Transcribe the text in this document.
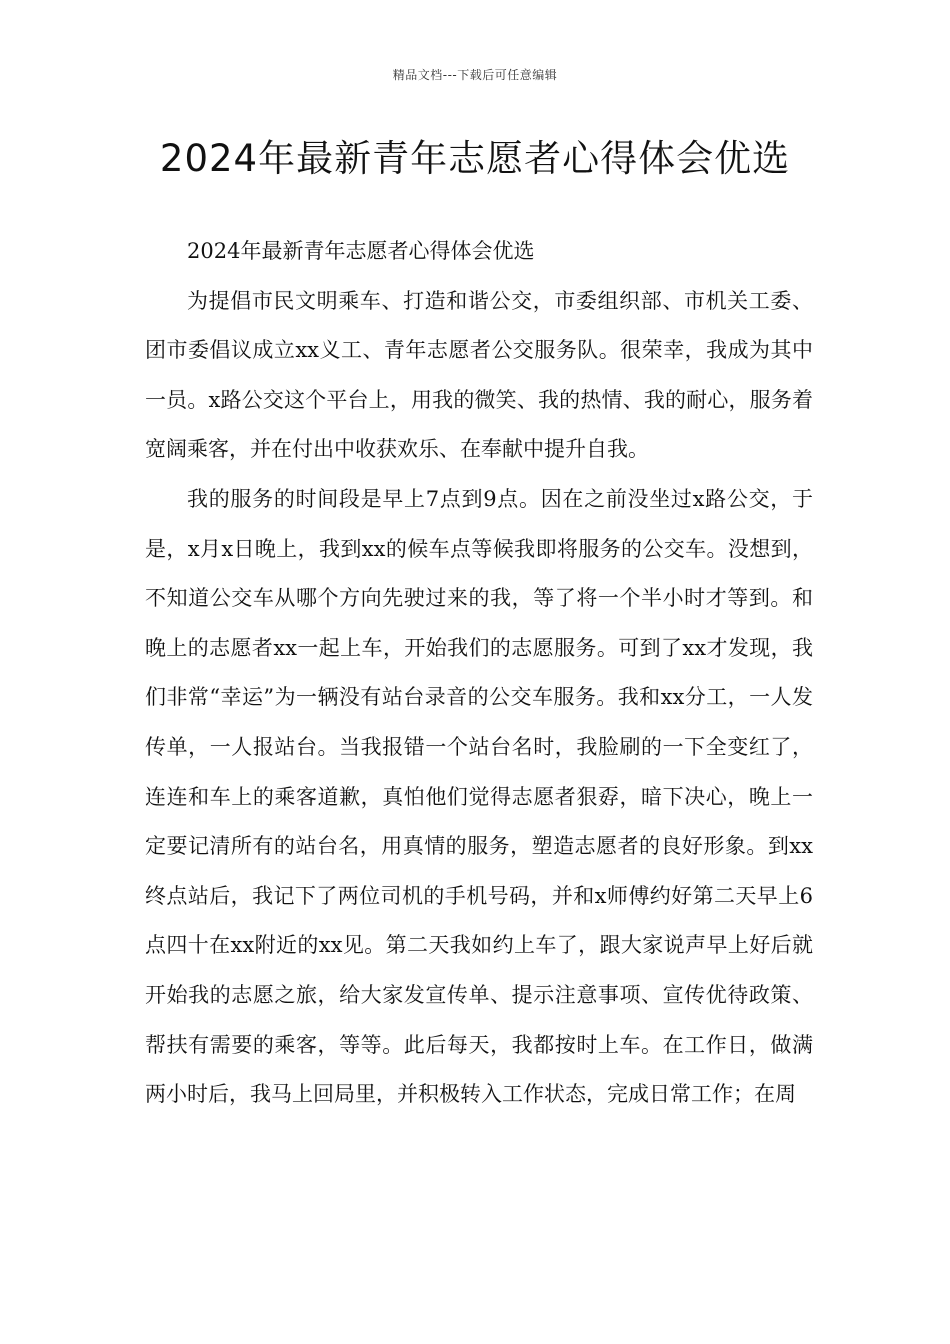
精品文档---下载后可任意编辑
2024年最新青年志愿者心得体会优选

2024年最新青年志愿者心得体会优选

为提倡市民文明乘车、打造和谐公交，市委组织部、市机关工委、团市委倡议成立xx义工、青年志愿者公交服务队。很荣幸，我成为其中一员。x路公交这个平台上，用我的微笑、我的热情、我的耐心，服务着宽阔乘客，并在付出中收获欢乐、在奉献中提升自我。

我的服务的时间段是早上7点到9点。因在之前没坐过x路公交，于是，x月x日晚上，我到xx的候车点等候我即将服务的公交车。没想到，不知道公交车从哪个方向先驶过来的我，等了将一个半小时才等到。和晚上的志愿者xx一起上车，开始我们的志愿服务。可到了xx才发现，我们非常“幸运”为一辆没有站台录音的公交车服务。我和xx分工，一人发传单，一人报站台。当我报错一个站台名时，我脸刷的一下全变红了，连连和车上的乘客道歉，真怕他们觉得志愿者狠孬，暗下决心，晚上一定要记清所有的站台名，用真情的服务，塑造志愿者的良好形象。到xx终点站后，我记下了两位司机的手机号码，并和x师傅约好第二天早上6点四十在xx附近的xx见。第二天我如约上车了，跟大家说声早上好后就开始我的志愿之旅，给大家发宣传单、提示注意事项、宣传优待政策、帮扶有需要的乘客，等等。此后每天，我都按时上车。在工作日，做满两小时后，我马上回局里，并积极转入工作状态，完成日常工作；在周
